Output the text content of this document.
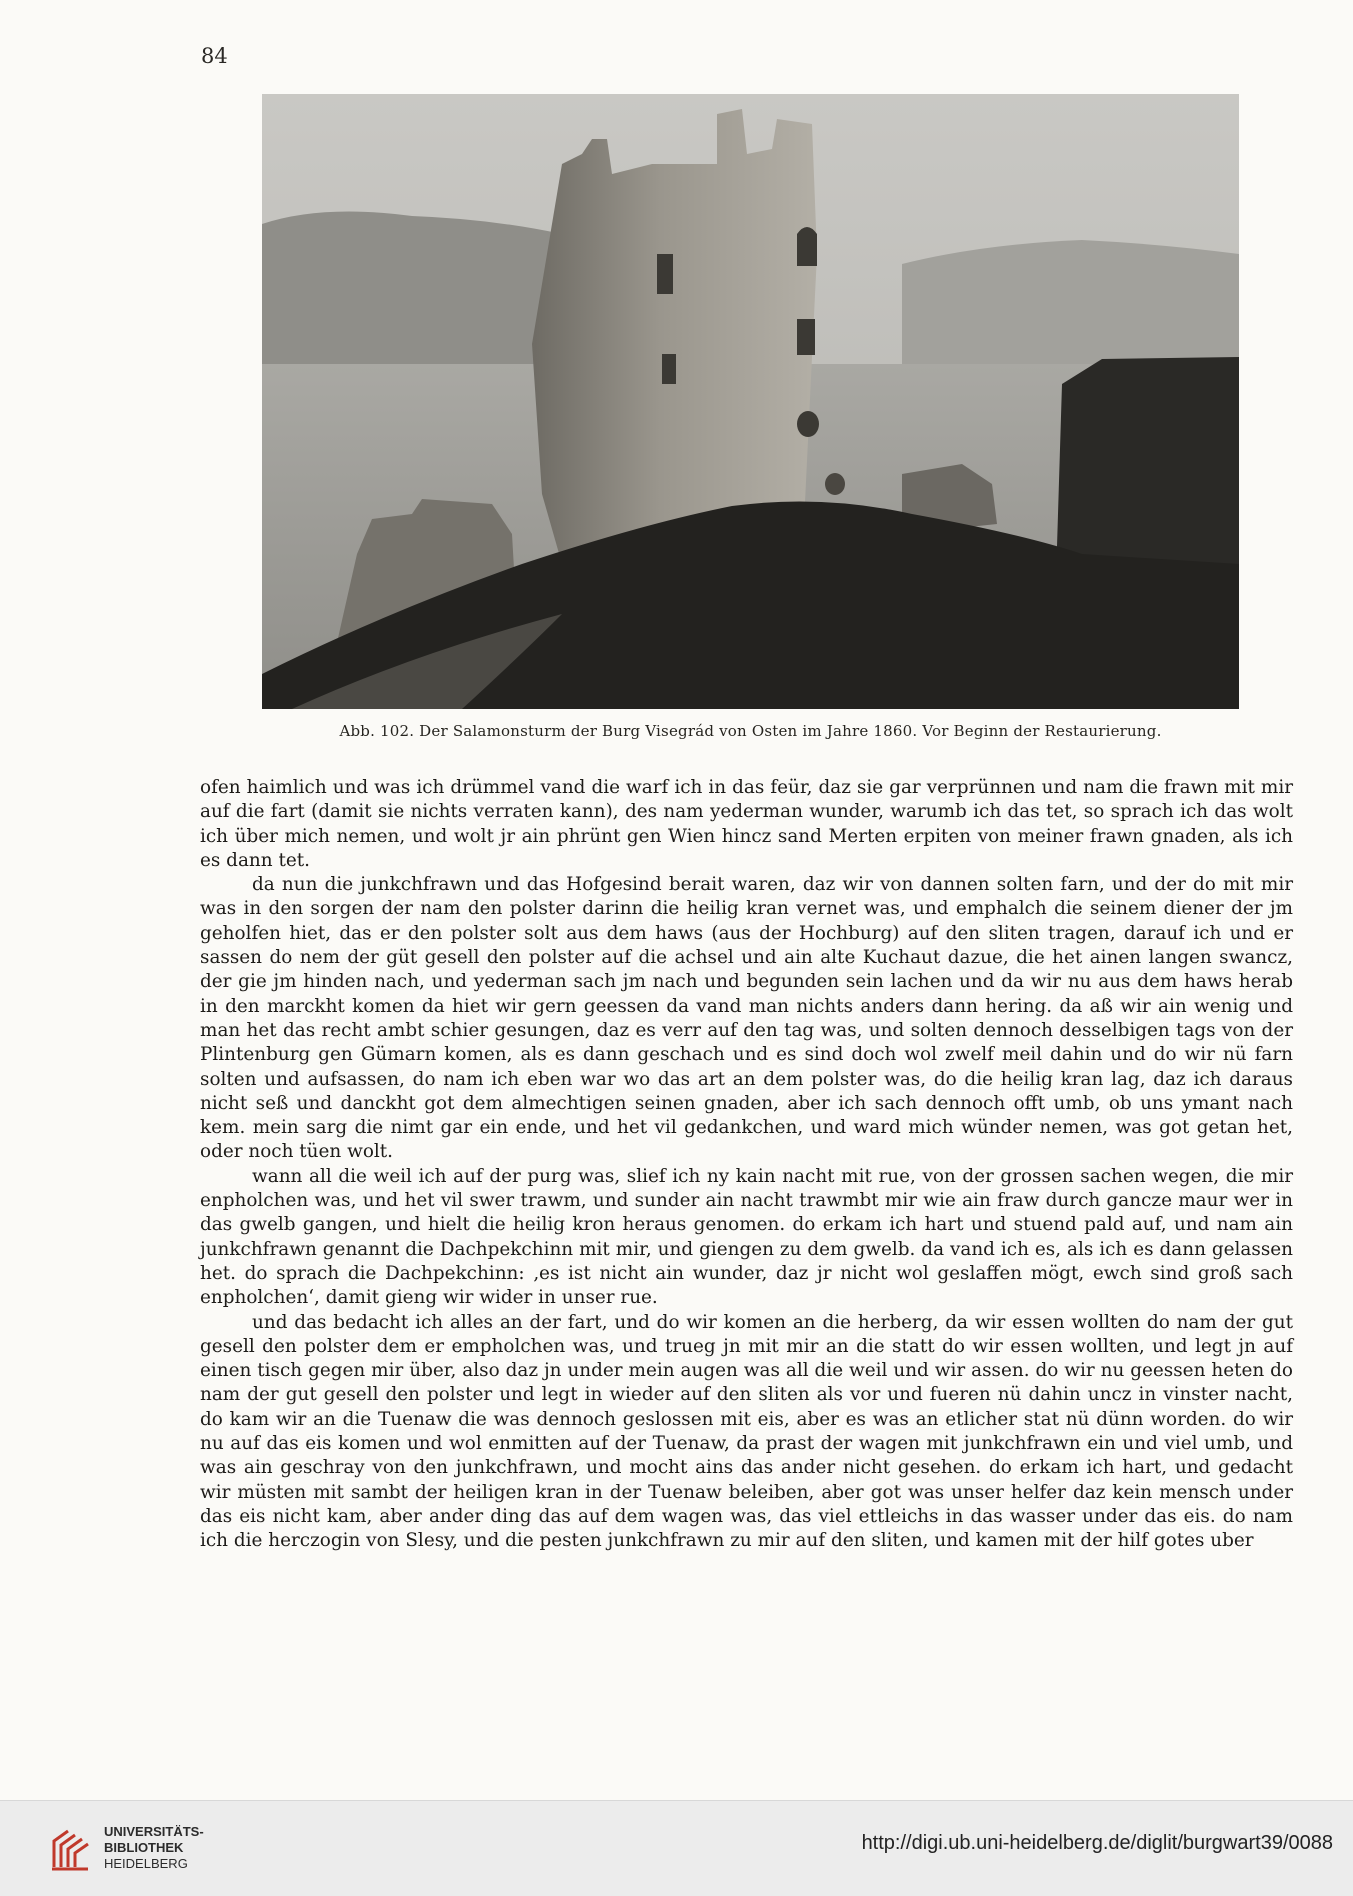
84
Abb. 102. Der Salamonsturm der Burg Visegrád von Osten im Jahre 1860. Vor Beginn der Restaurierung.

ofen haimlich und was ich drümmel vand die warf ich in das feür, daz sie gar verprünnen und nam die frawn mit mir auf die fart (damit sie nichts verraten kann), des nam yederman wunder, warumb ich das tet, so sprach ich das wolt ich über mich nemen, und wolt jr ain phrünt gen Wien hincz sand Merten erpiten von meiner frawn gnaden, als ich es dann tet.

da nun die junkchfrawn und das Hofgesind berait waren, daz wir von dannen solten farn, und der do mit mir was in den sorgen der nam den polster darinn die heilig kran vernet was, und emphalch die seinem diener der jm geholfen hiet, das er den polster solt aus dem haws (aus der Hochburg) auf den sliten tragen, darauf ich und er sassen do nem der güt gesell den polster auf die achsel und ain alte Kuchaut dazue, die het ainen langen swancz, der gie jm hinden nach, und yederman sach jm nach und begunden sein lachen und da wir nu aus dem haws herab in den marckht komen da hiet wir gern geessen da vand man nichts anders dann hering. da aß wir ain wenig und man het das recht ambt schier gesungen, daz es verr auf den tag was, und solten dennoch desselbigen tags von der Plintenburg gen Gümarn komen, als es dann geschach und es sind doch wol zwelf meil dahin und do wir nü farn solten und aufsassen, do nam ich eben war wo das art an dem polster was, do die heilig kran lag, daz ich daraus nicht seß und danckht got dem almechtigen seinen gnaden, aber ich sach dennoch offt umb, ob uns ymant nach kem. mein sarg die nimt gar ein ende, und het vil gedankchen, und ward mich wünder nemen, was got getan het, oder noch tüen wolt.

wann all die weil ich auf der purg was, slief ich ny kain nacht mit rue, von der grossen sachen wegen, die mir enpholchen was, und het vil swer trawm, und sunder ain nacht trawmbt mir wie ain fraw durch gancze maur wer in das gwelb gangen, und hielt die heilig kron heraus genomen. do erkam ich hart und stuend pald auf, und nam ain junkchfrawn genannt die Dachpekchinn mit mir, und giengen zu dem gwelb. da vand ich es, als ich es dann gelassen het. do sprach die Dachpekchinn: ‚es ist nicht ain wunder, daz jr nicht wol geslaffen mögt, ewch sind groß sach enpholchen‘, damit gieng wir wider in unser rue.

und das bedacht ich alles an der fart, und do wir komen an die herberg, da wir essen wollten do nam der gut gesell den polster dem er empholchen was, und trueg jn mit mir an die statt do wir essen wollten, und legt jn auf einen tisch gegen mir über, also daz jn under mein augen was all die weil und wir assen. do wir nu geessen heten do nam der gut gesell den polster und legt in wieder auf den sliten als vor und fueren nü dahin uncz in vinster nacht, do kam wir an die Tuenaw die was dennoch geslossen mit eis, aber es was an etlicher stat nü dünn worden. do wir nu auf das eis komen und wol enmitten auf der Tuenaw, da prast der wagen mit junkchfrawn ein und viel umb, und was ain geschray von den junkchfrawn, und mocht ains das ander nicht gesehen. do erkam ich hart, und gedacht wir müsten mit sambt der heiligen kran in der Tuenaw beleiben, aber got was unser helfer daz kein mensch under das eis nicht kam, aber ander ding das auf dem wagen was, das viel ettleichs in das wasser under das eis. do nam ich die herczogin von Slesy, und die pesten junkchfrawn zu mir auf den sliten, und kamen mit der hilf gotes uber

UNIVERSITÄTS-
BIBLIOTHEK
HEIDELBERG
http://digi.ub.uni-heidelberg.de/diglit/burgwart39/0088
